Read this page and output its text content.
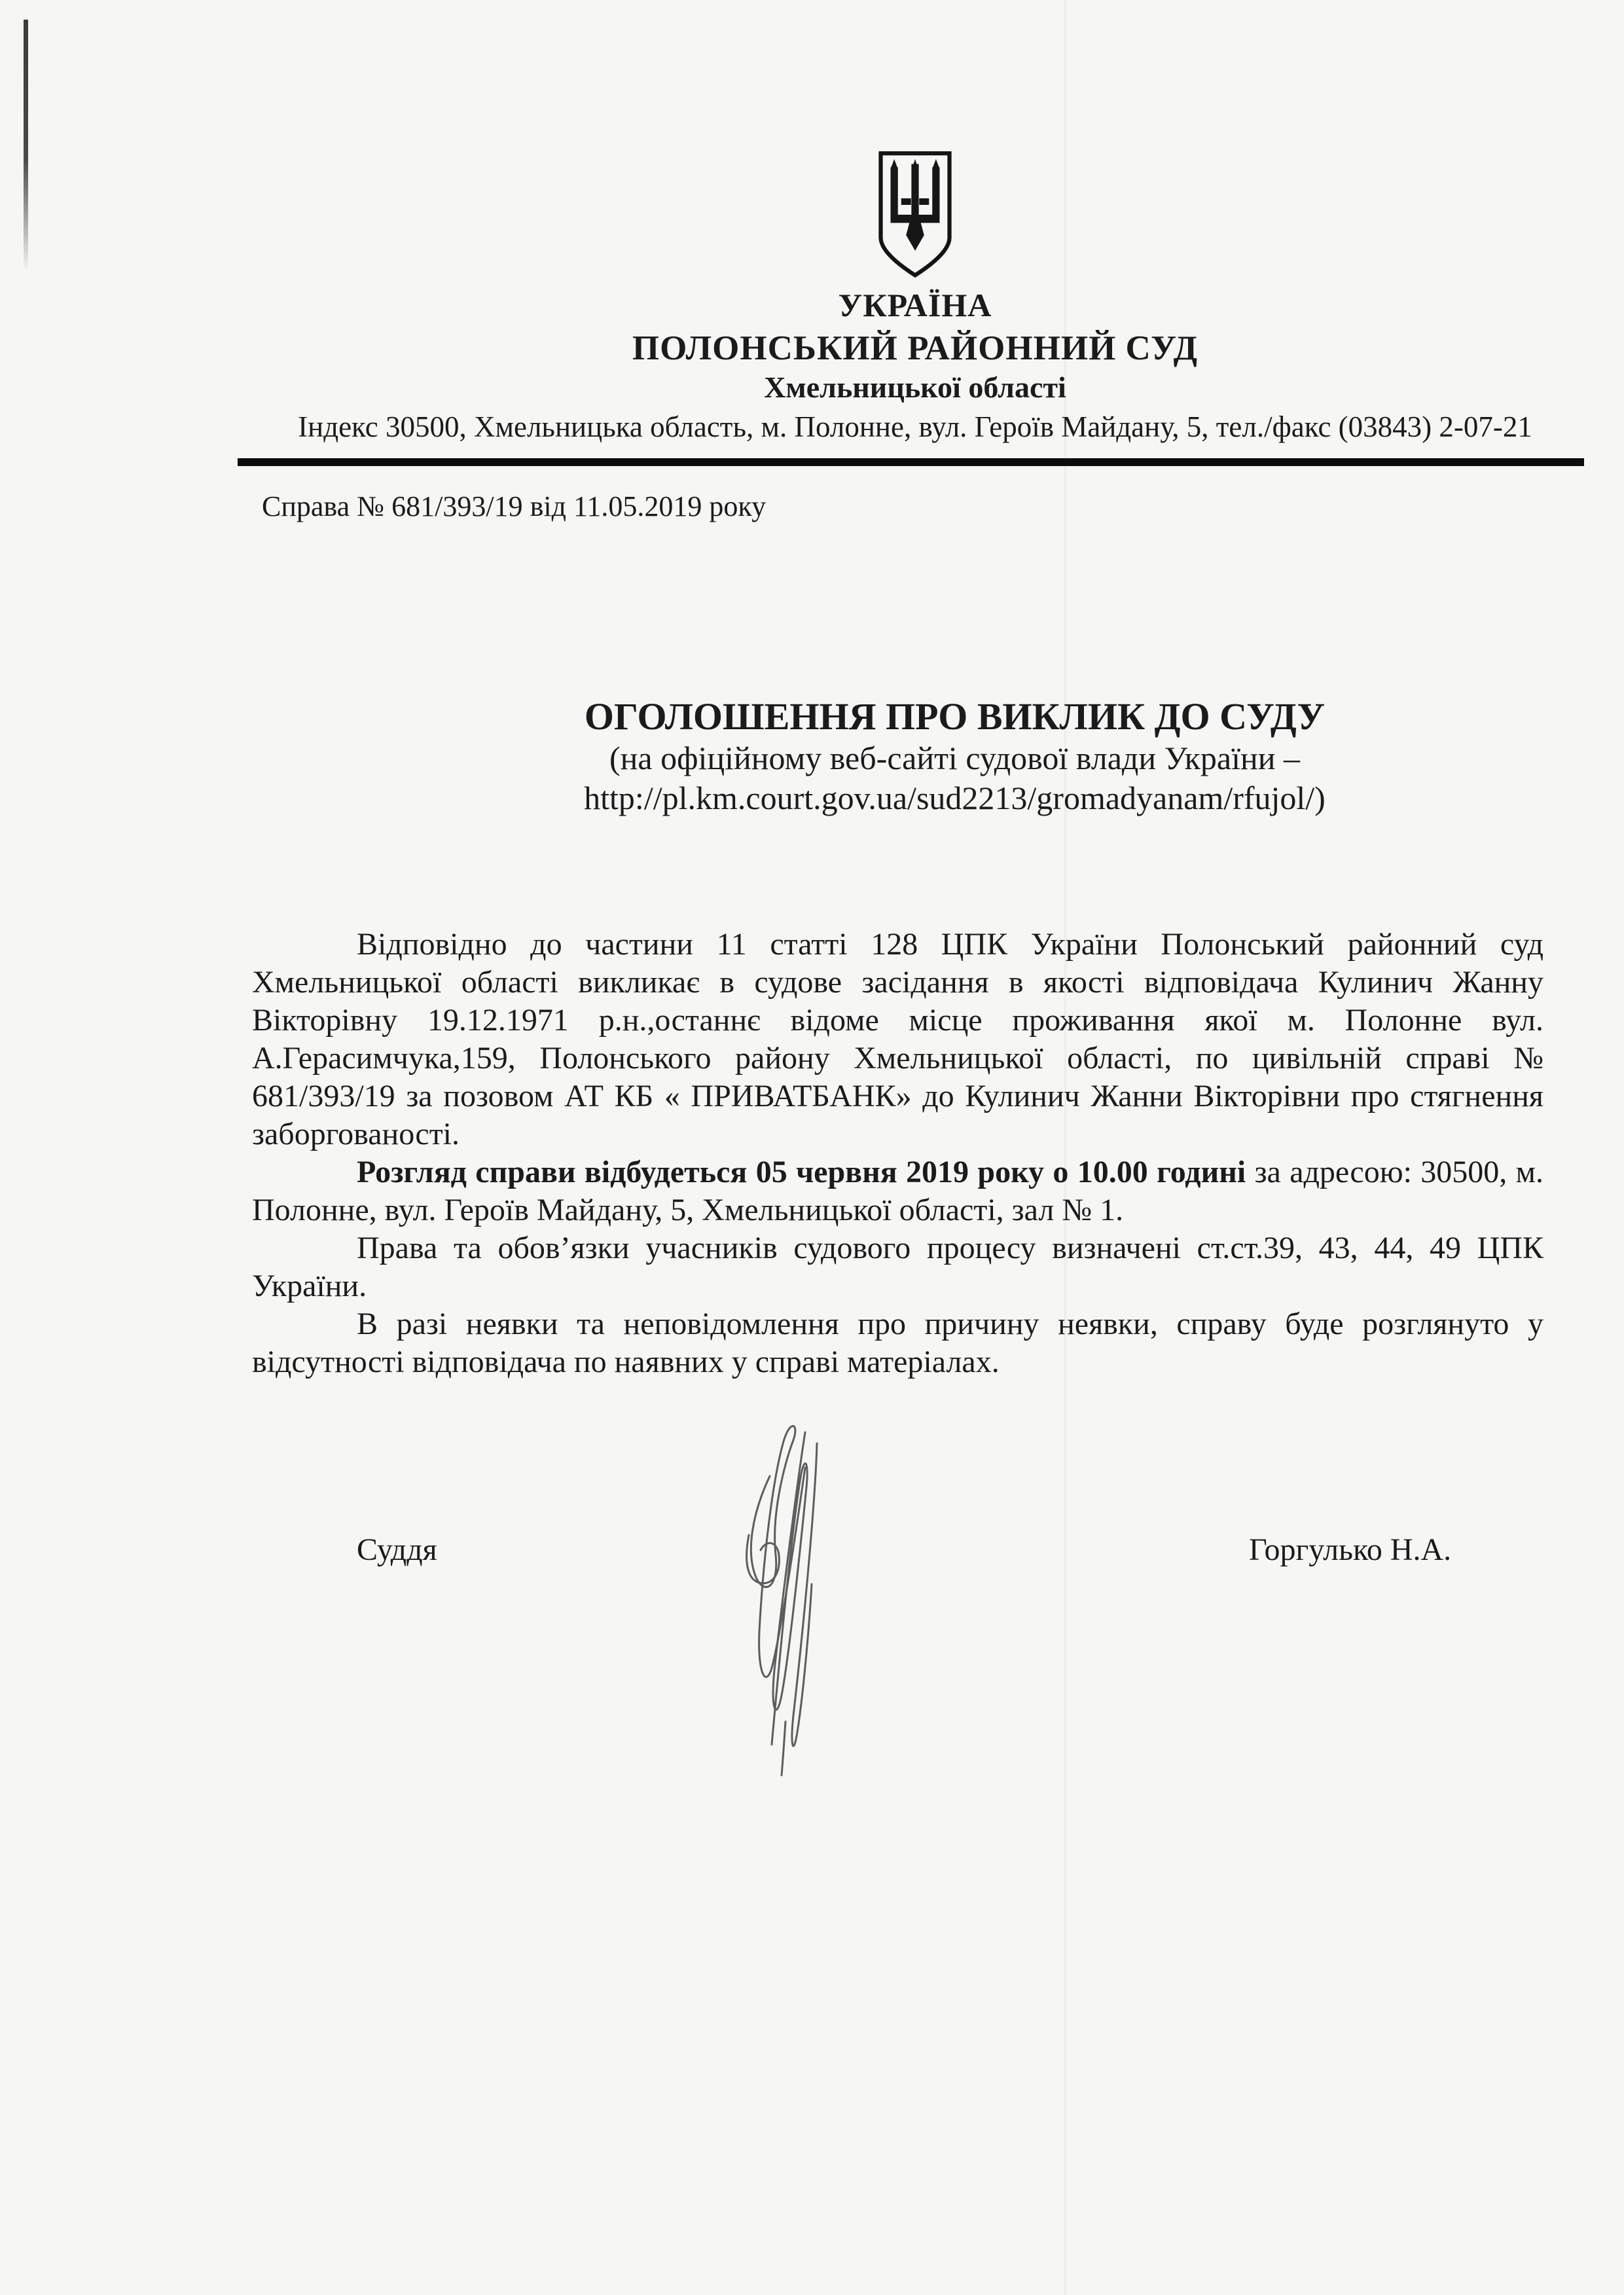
УКРАЇНА
ПОЛОНСЬКИЙ РАЙОННИЙ СУД
Хмельницької області
Індекс 30500, Хмельницька область, м. Полонне, вул. Героїв Майдану, 5, тел./факс (03843) 2-07-21
Справа № 681/393/19 від 11.05.2019 року
ОГОЛОШЕННЯ ПРО ВИКЛИК ДО СУДУ
(на офіційному веб-сайті судової влади України –
http://pl.km.court.gov.ua/sud2213/gromadyanam/rfujol/)

Відповідно до частини 11 статті 128 ЦПК України Полонський районний суд Хмельницької області викликає в судове засідання в якості відповідача Кулинич Жанну Вікторівну 19.12.1971 р.н.,останнє відоме місце проживання якої м. Полонне вул. А.Герасимчука,159, Полонського району Хмельницької області, по цивільній справі № 681/393/19 за позовом АТ КБ « ПРИВАТБАНК» до Кулинич Жанни Вікторівни про стягнення заборгованості.

Розгляд справи відбудеться 05 червня 2019 року о 10.00 годині за адресою: 30500, м. Полонне, вул. Героїв Майдану, 5, Хмельницької області, зал № 1.

Права та обов’язки учасників судового процесу визначені ст.ст.39, 43, 44, 49 ЦПК України.

В разі неявки та неповідомлення про причину неявки, справу буде розглянуто у відсутності відповідача по наявних у справі матеріалах.

Суддя	Горгулько Н.А.
